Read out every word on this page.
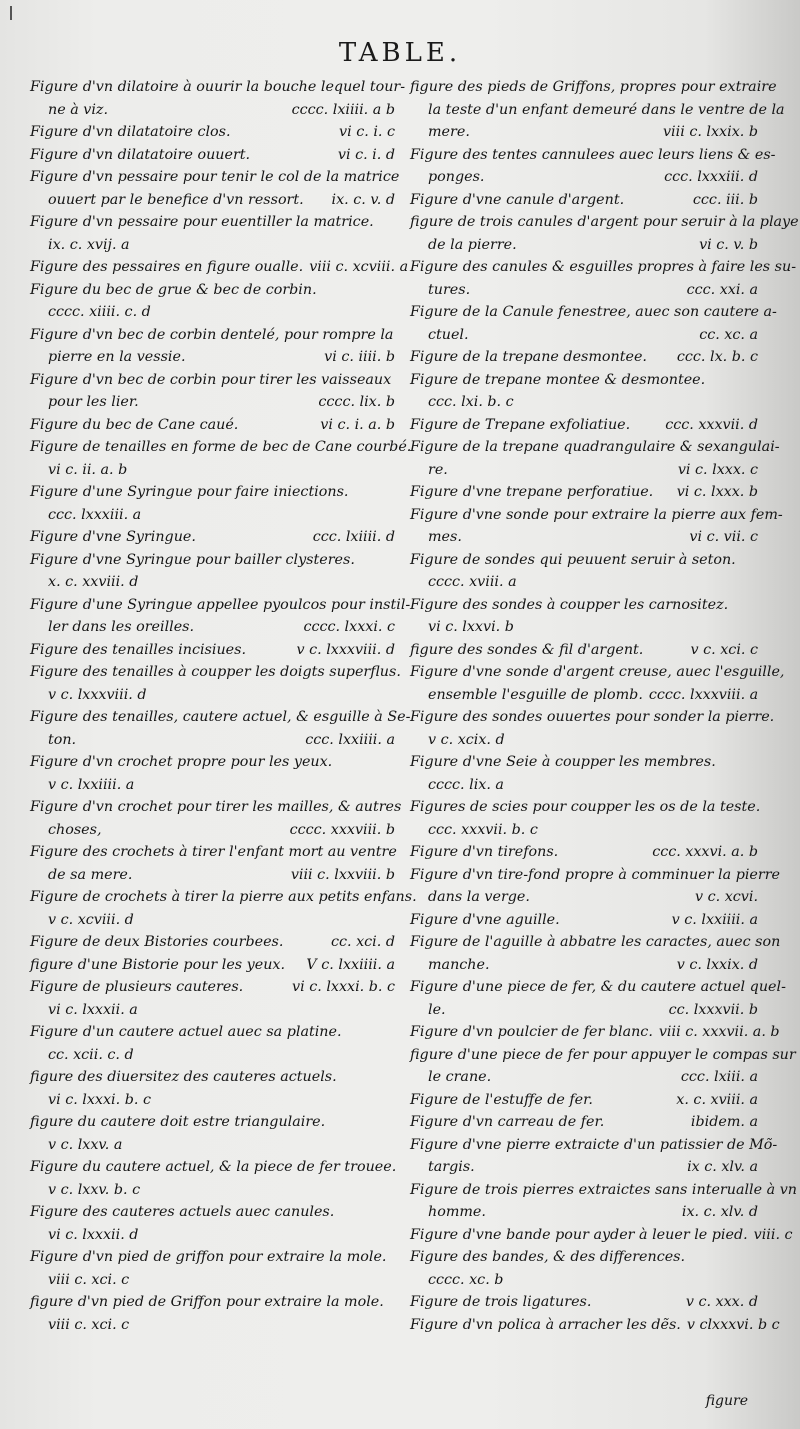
TABLE.
Figure d'vn dilatoire à ouurir la bouche lequel tour-
ne à viz.	cccc. lxiiii. a b
Figure d'vn dilatatoire clos.	vi c. i. c
Figure d'vn dilatatoire ouuert.	vi c. i. d
Figure d'vn pessaire pour tenir le col de la matrice
ouuert par le benefice d'vn ressort.	ix. c. v. d
Figure d'vn pessaire pour euentiller la matrice.
ix. c. xvij. a
Figure des pessaires en figure oualle. viii c. xcviii. a
Figure du bec de grue & bec de corbin.
cccc. xiiii. c. d
Figure d'vn bec de corbin dentelé, pour rompre la
pierre en la vessie.	vi c. iiii. b
Figure d'vn bec de corbin pour tirer les vaisseaux
pour les lier.	cccc. lix. b
Figure du bec de Cane caué.	vi c. i. a. b
Figure de tenailles en forme de bec de Cane courbé.
vi c. ii. a. b
Figure d'une Syringue pour faire iniections.
ccc. lxxxiii. a
Figure d'vne Syringue.	ccc. lxiiii. d
Figure d'vne Syringue pour bailler clysteres.
x. c. xxviii. d
Figure d'une Syringue appellee pyoulcos pour instil-
ler dans les oreilles.	cccc. lxxxi. c
Figure des tenailles incisiues.	v c. lxxxviii. d
Figure des tenailles à coupper les doigts superflus.
v c. lxxxviii. d
Figure des tenailles, cautere actuel, & esguille à Se-
ton.	ccc. lxxiiii. a
Figure d'vn crochet propre pour les yeux.
v c. lxxiiii. a
Figure d'vn crochet pour tirer les mailles, & autres
choses,	cccc. xxxviii. b
Figure des crochets à tirer l'enfant mort au ventre
de sa mere.	viii c. lxxviii. b
Figure de crochets à tirer la pierre aux petits enfans.
v c. xcviii. d
Figure de deux Bistories courbees.	cc. xci. d
figure d'une Bistorie pour les yeux.	V c. lxxiiii. a
Figure de plusieurs cauteres.	vi c. lxxxi. b. c
vi c. lxxxii. a
Figure d'un cautere actuel auec sa platine.
cc. xcii. c. d
figure des diuersitez des cauteres actuels.
vi c. lxxxi. b. c
figure du cautere doit estre triangulaire.
v c. lxxv. a
Figure du cautere actuel, & la piece de fer trouee.
v c. lxxv. b. c
Figure des cauteres actuels auec canules.
vi c. lxxxii. d
Figure d'vn pied de griffon pour extraire la mole.
viii c. xci. c
figure d'vn pied de Griffon pour extraire la mole.
viii c. xci. c
figure des pieds de Griffons, propres pour extraire
la teste d'un enfant demeuré dans le ventre de la
mere.	viii c. lxxix. b
Figure des tentes cannulees auec leurs liens & es-
ponges.	ccc. lxxxiii. d
Figure d'vne canule d'argent.	ccc. iii. b
figure de trois canules d'argent pour seruir à la playe
de la pierre.	vi c. v. b
Figure des canules & esguilles propres à faire les su-
tures.	ccc. xxi. a
Figure de la Canule fenestree, auec son cautere a-
ctuel.	cc. xc. a
Figure de la trepane desmontee.	ccc. lx. b. c
Figure de trepane montee & desmontee.
ccc. lxi. b. c
Figure de Trepane exfoliatiue.	ccc. xxxvii. d
Figure de la trepane quadrangulaire & sexangulai-
re.	vi c. lxxx. c
Figure d'vne trepane perforatiue.	vi c. lxxx. b
Figure d'vne sonde pour extraire la pierre aux fem-
mes.	vi c. vii. c
Figure de sondes qui peuuent seruir à seton.
cccc. xviii. a
Figure des sondes à coupper les carnositez.
vi c. lxxvi. b
figure des sondes & fil d'argent.	v c. xci. c
Figure d'vne sonde d'argent creuse, auec l'esguille,
ensemble l'esguille de plomb. cccc. lxxxviii. a
Figure des sondes ouuertes pour sonder la pierre.
v c. xcix. d
Figure d'vne Seie à coupper les membres.
cccc. lix. a
Figures de scies pour coupper les os de la teste.
ccc. xxxvii. b. c
Figure d'vn tirefons.	ccc. xxxvi. a. b
Figure d'vn tire-fond propre à comminuer la pierre
dans la verge.	v c. xcvi.
Figure d'vne aguille.	v c. lxxiiii. a
Figure de l'aguille à abbatre les caractes, auec son
manche.	v c. lxxix. d
Figure d'une piece de fer, & du cautere actuel quel-
le.	cc. lxxxvii. b
Figure d'vn poulcier de fer blanc. viii c. xxxvii. a. b
figure d'une piece de fer pour appuyer le compas sur
le crane.	ccc. lxiii. a
Figure de l'estuffe de fer.	x. c. xviii. a
Figure d'vn carreau de fer.	ibidem. a
Figure d'vne pierre extraicte d'un patissier de Mõ-
targis.	ix c. xlv. a
Figure de trois pierres extraictes sans interualle à vn
homme.	ix. c. xlv. d
Figure d'vne bande pour ayder à leuer le pied. viii. c
Figure des bandes, & des differences.
cccc. xc. b
Figure de trois ligatures.	v c. xxx. d
Figure d'vn polica à arracher les dẽs. v clxxxvi. b c
figure
